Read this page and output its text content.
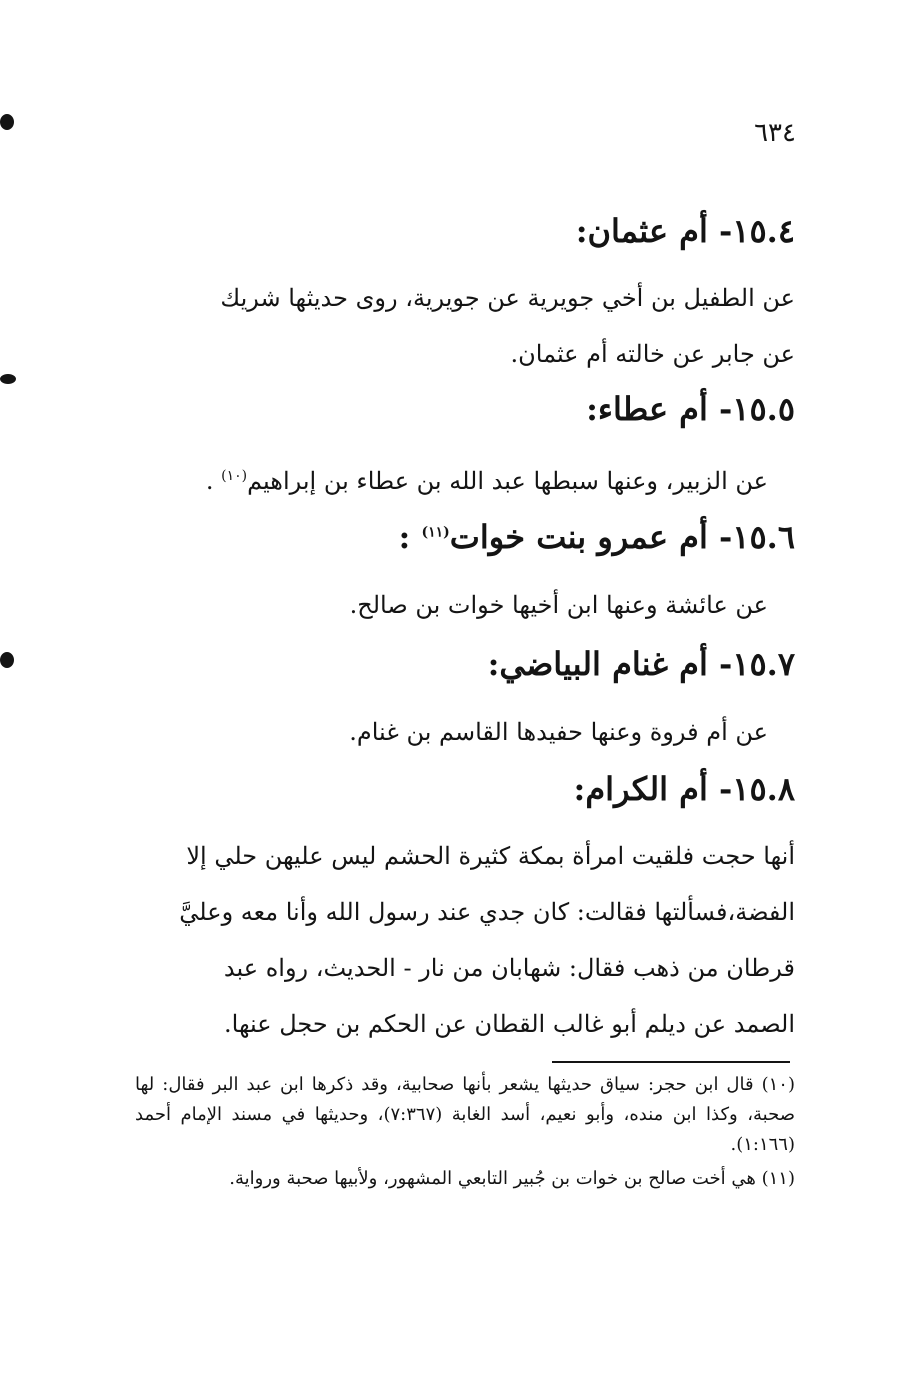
٦٣٤
١٥.٤- أم عثمان:
عن الطفيل بن أخي جويرية عن جويرية، روى حديثها شريك
عن جابر عن خالته أم عثمان.
١٥.٥- أم عطاء:
عن الزبير، وعنها سبطها عبد الله بن عطاء بن إبراهيم$^{(١٠)}$ .
١٥.٦- أم عمرو بنت خوات$^{(١١)}$ :
عن عائشة وعنها ابن أخيها خوات بن صالح.
١٥.٧- أم غنام البياضي:
عن أم فروة وعنها حفيدها القاسم بن غنام.
١٥.٨- أم الكرام:
أنها حجت فلقيت امرأة بمكة كثيرة الحشم ليس عليهن حلي إلا
الفضة،فسألتها فقالت: كان جدي عند رسول الله وأنا معه وعليَّ
قرطان من ذهب فقال: شهابان من نار - الحديث، رواه عبد
الصمد عن ديلم أبو غالب القطان عن الحكم بن حجل عنها.

(١٠) قال ابن حجر: سياق حديثها يشعر بأنها صحابية، وقد ذكرها ابن عبد البر فقال: لها صحبة، وكذا ابن منده، وأبو نعيم، أسد الغابة (٧:٣٦٧)، وحديثها في مسند الإمام أحمد (١:١٦٦).

(١١) هي أخت صالح بن خوات بن جُبير التابعي المشهور، ولأبيها صحبة ورواية.
